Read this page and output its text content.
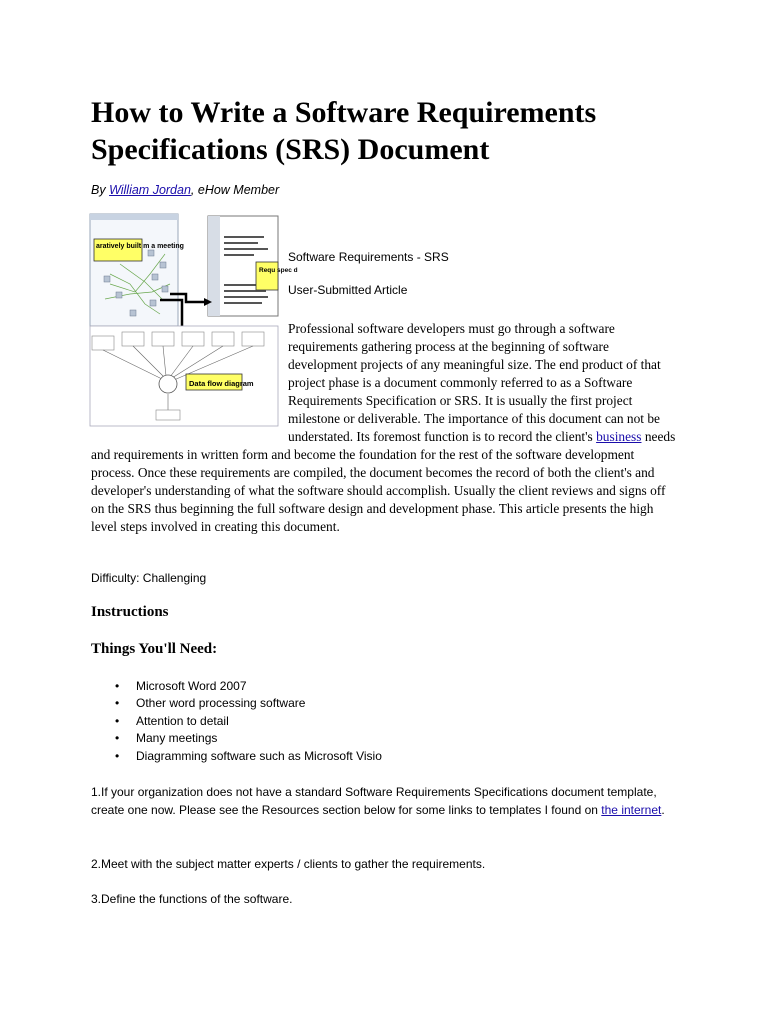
How to Write a Software Requirements Specifications (SRS) Document
By William Jordan, eHow Member
aratively built m a meeting
Requ spec d
Data flow diagram
Software Requirements - SRS
User-Submitted Article
Professional software developers must go through a software requirements gathering process at the beginning of software development projects of any meaningful size. The end product of that project phase is a document commonly referred to as a Software Requirements Specification or SRS. It is usually the first project milestone or deliverable. The importance of this document can not be understated. Its foremost function is to record the client's business needs and requirements in written form and become the foundation for the rest of the software development process. Once these requirements are compiled, the document becomes the record of both the client's and developer's understanding of what the software should accomplish. Usually the client reviews and signs off on the SRS thus beginning the full software design and development phase. This article presents the high level steps involved in creating this document.
Difficulty: Challenging
Instructions
Things You'll Need:
• Microsoft Word 2007
• Other word processing software
• Attention to detail
• Many meetings
• Diagramming software such as Microsoft Visio
1.If your organization does not have a standard Software Requirements Specifications document template, create one now. Please see the Resources section below for some links to templates I found on the internet.
2.Meet with the subject matter experts / clients to gather the requirements.
3.Define the functions of the software.
